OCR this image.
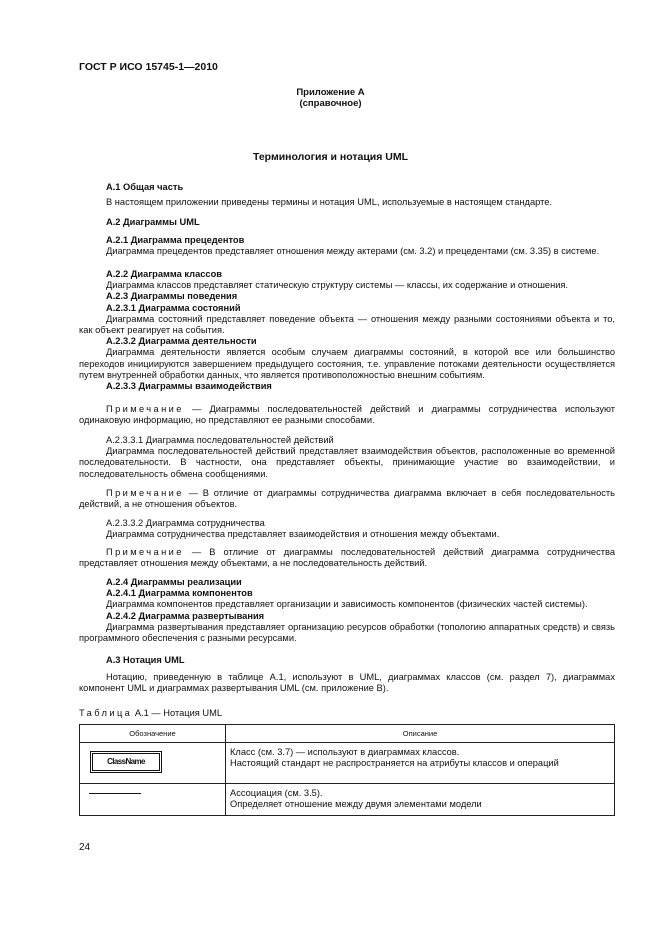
ГОСТ Р ИСО 15745-1—2010
Приложение А
(справочное)
Терминология и нотация UML

А.1 Общая часть

В настоящем приложении приведены термины и нотация UML, используемые в настоящем стандарте.

А.2 Диаграммы UML

А.2.1 Диаграмма прецедентов

Диаграмма прецедентов представляет отношения между актерами (см. 3.2) и прецедентами (см. 3.35) в системе.

А.2.2 Диаграмма классов

Диаграмма классов представляет статическую структуру системы — классы, их содержание и отношения.

А.2.3 Диаграммы поведения

А.2.3.1 Диаграмма состояний

Диаграмма состояний представляет поведение объекта — отношения между разными состояниями объекта и то, как объект реагирует на события.

А.2.3.2 Диаграмма деятельности

Диаграмма деятельности является особым случаем диаграммы состояний, в которой все или большинство переходов инициируются завершением предыдущего состояния, т.е. управление потоками деятельности осуществляется путем внутренней обработки данных, что является противоположностью внешним событиям.

А.2.3.3 Диаграммы взаимодействия

Примечание — Диаграммы последовательностей действий и диаграммы сотрудничества используют одинаковую информацию, но представляют ее разными способами.

А.2.3.3.1 Диаграмма последовательностей действий

Диаграмма последовательностей действий представляет взаимодействия объектов, расположенные во временной последовательности. В частности, она представляет объекты, принимающие участие во взаимодействии, и последовательность обмена сообщениями.

Примечание — В отличие от диаграммы сотрудничества диаграмма включает в себя последовательность действий, а не отношения объектов.

А.2.3.3.2 Диаграмма сотрудничества

Диаграмма сотрудничества представляет взаимодействия и отношения между объектами.

Примечание — В отличие от диаграммы последовательностей действий диаграмма сотрудничества представляет отношения между объектами, а не последовательность действий.

А.2.4 Диаграммы реализации

А.2.4.1 Диаграмма компонентов

Диаграмма компонентов представляет организации и зависимость компонентов (физических частей системы).

А.2.4.2 Диаграмма развертывания

Диаграмма развертывания представляет организацию ресурсов обработки (топологию аппаратных средств) и связь программного обеспечения с разными ресурсами.

А.3 Нотация UML

Нотацию, приведенную в таблице А.1, используют в UML, диаграммах классов (см. раздел 7), диаграммах компонент UML и диаграммах развертывания UML (см. приложение В).

Таблица А.1 — Нотация UML
Обозначение	Описание

ClassName	Класс (см. 3.7) — используют в диаграммах классов.
Настоящий стандарт не распространяется на атрибуты классов и операций

	Ассоциация (см. 3.5).
Определяет отношение между двумя элементами модели
24
